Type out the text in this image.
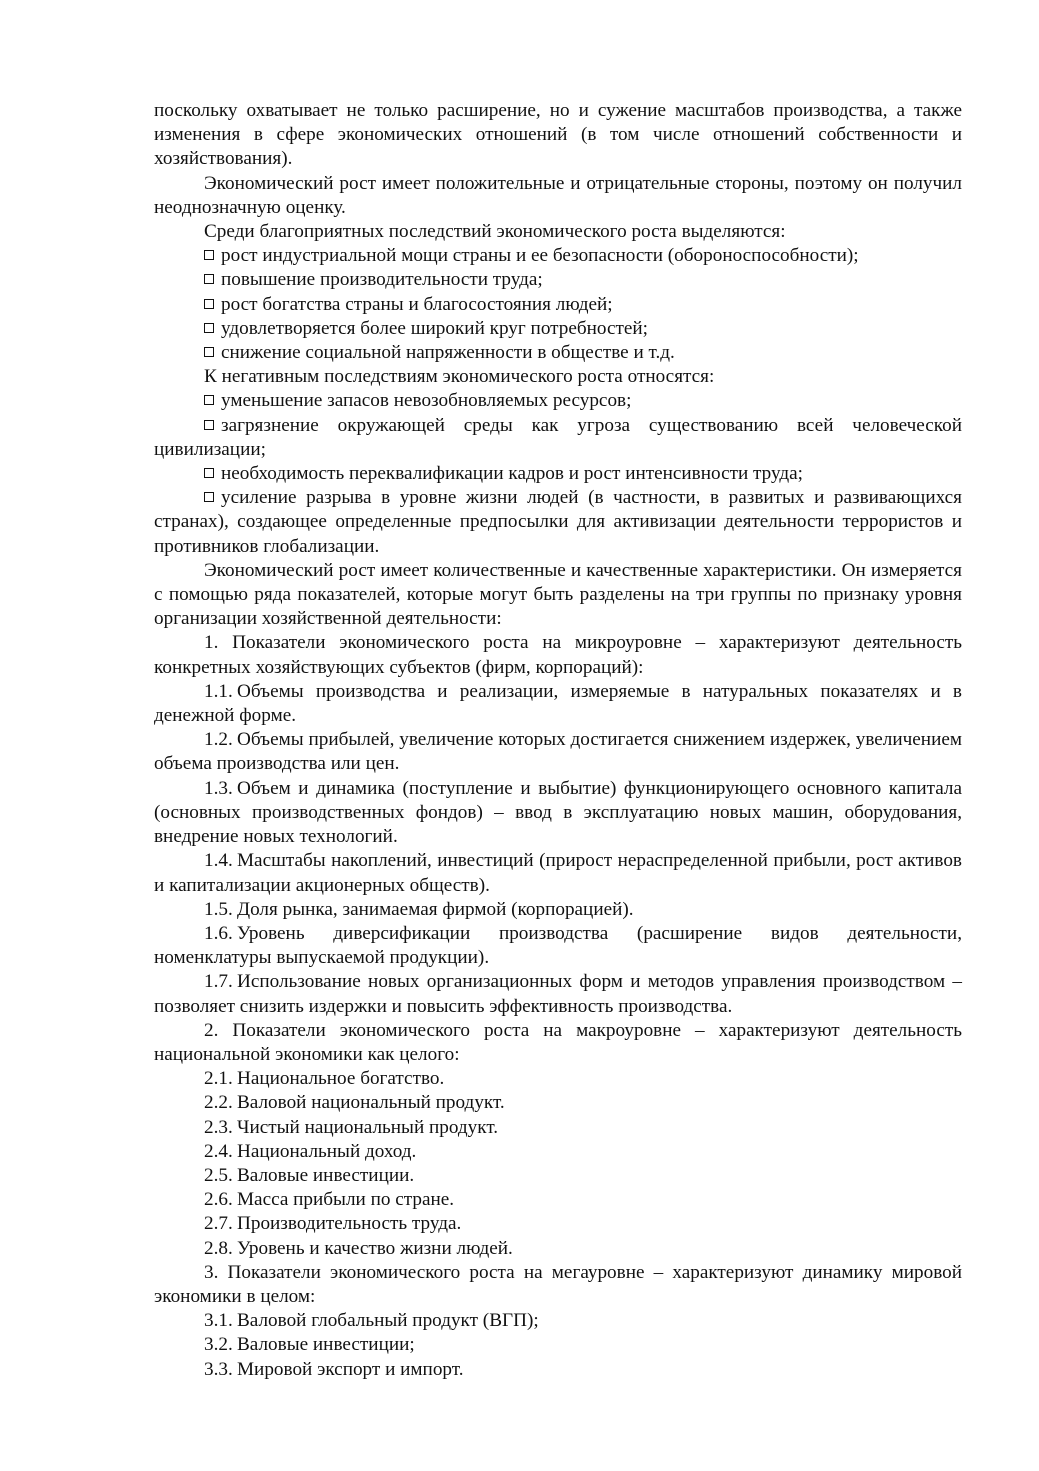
поскольку охватывает не только расширение, но и сужение масштабов производства, а также изменения в сфере экономических отношений (в том числе отношений собственности и хозяйствования).

Экономический рост имеет положительные и отрицательные стороны, поэтому он получил неоднозначную оценку.

Среди благоприятных последствий экономического роста выделяются:

рост индустриальной мощи страны и ее безопасности (обороноспособности);

повышение производительности труда;

рост богатства страны и благосостояния людей;

удовлетворяется более широкий круг потребностей;

снижение социальной напряженности в обществе и т.д.

К негативным последствиям экономического роста относятся:

уменьшение запасов невозобновляемых ресурсов;

загрязнение окружающей среды как угроза существованию всей человеческой цивилизации;

необходимость переквалификации кадров и рост интенсивности труда;

усиление разрыва в уровне жизни людей (в частности, в развитых и развивающихся странах), создающее определенные предпосылки для активизации деятельности террористов и противников глобализации.

Экономический рост имеет количественные и качественные характеристики. Он измеряется с помощью ряда показателей, которые могут быть разделены на три группы по признаку уровня организации хозяйственной деятельности:

1. Показатели экономического роста на микроуровне – характеризуют деятельность конкретных хозяйствующих субъектов (фирм, корпораций):

1.1. Объемы производства и реализации, измеряемые в натуральных показателях и в денежной форме.

1.2. Объемы прибылей, увеличение которых достигается снижением издержек, увеличением объема производства или цен.

1.3. Объем и динамика (поступление и выбытие) функционирующего основного капитала (основных производственных фондов) – ввод в эксплуатацию новых машин, оборудования, внедрение новых технологий.

1.4. Масштабы накоплений, инвестиций (прирост нераспределенной прибыли, рост активов и капитализации акционерных обществ).

1.5. Доля рынка, занимаемая фирмой (корпорацией).

1.6. Уровень диверсификации производства (расширение видов деятельности, номенклатуры выпускаемой продукции).

1.7. Использование новых организационных форм и методов управления производством – позволяет снизить издержки и повысить эффективность производства.

2. Показатели экономического роста на макроуровне – характеризуют деятельность национальной экономики как целого:

2.1. Национальное богатство.

2.2. Валовой национальный продукт.

2.3. Чистый национальный продукт.

2.4. Национальный доход.

2.5. Валовые инвестиции.

2.6. Масса прибыли по стране.

2.7. Производительность труда.

2.8. Уровень и качество жизни людей.

3. Показатели экономического роста на мегауровне – характеризуют динамику мировой экономики в целом:

3.1. Валовой глобальный продукт (ВГП);

3.2. Валовые инвестиции;

3.3. Мировой экспорт и импорт.
